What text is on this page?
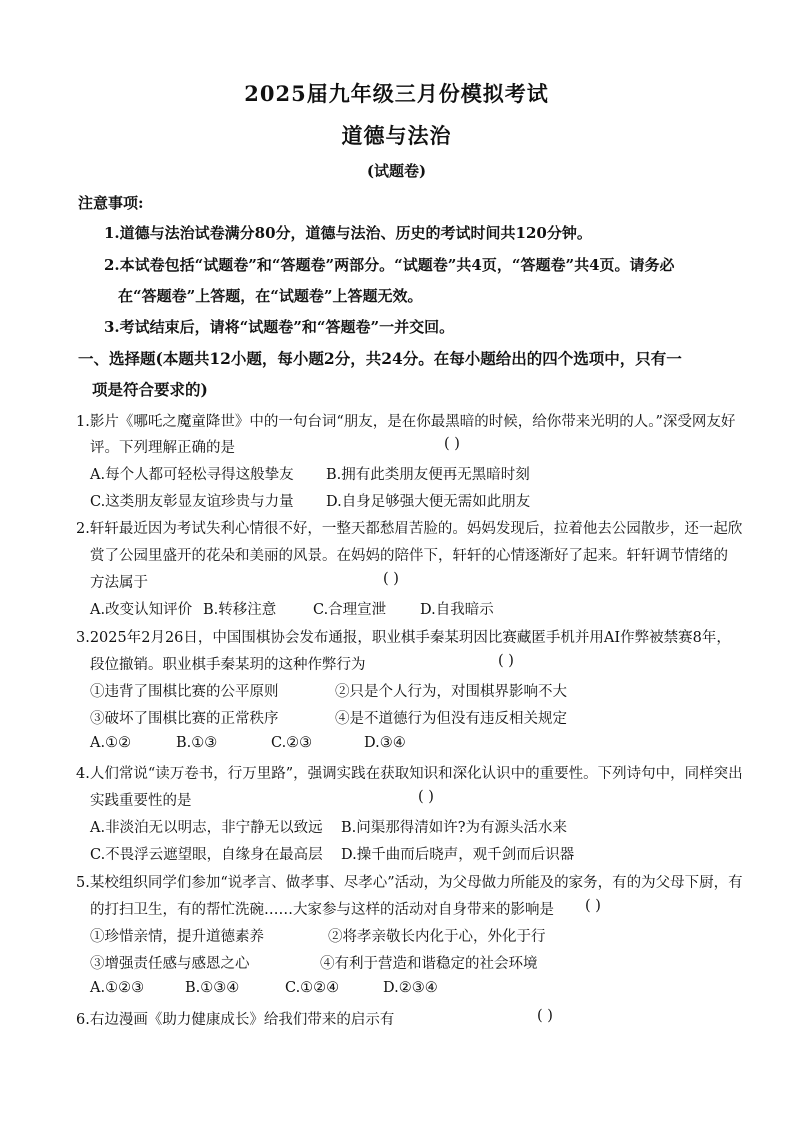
2025届九年级三月份模拟考试
道德与法治
(试题卷)
注意事项:
1.道德与法治试卷满分80分，道德与法治、历史的考试时间共120分钟。
2.本试卷包括“试题卷”和“答题卷”两部分。“试题卷”共4页，“答题卷”共4页。请务必
在“答题卷”上答题，在“试题卷”上答题无效。
3.考试结束后，请将“试题卷”和“答题卷”一并交回。
一、选择题(本题共12小题，每小题2分，共24分。在每小题给出的四个选项中，只有一
项是符合要求的)
1.影片《哪吒之魔童降世》中的一句台词“朋友，是在你最黑暗的时候，给你带来光明的人。”深受网友好
评。下列理解正确的是	( )
A.每个人都可轻松寻得这般挚友 B.拥有此类朋友便再无黑暗时刻
C.这类朋友彰显友谊珍贵与力量 D.自身足够强大便无需如此朋友
2.轩轩最近因为考试失利心情很不好，一整天都愁眉苦脸的。妈妈发现后，拉着他去公园散步，还一起欣
赏了公园里盛开的花朵和美丽的风景。在妈妈的陪伴下，轩轩的心情逐渐好了起来。轩轩调节情绪的
方法属于	( )
A.改变认知评价 B.转移注意	C.合理宣泄 D.自我暗示
3.2025年2月26日，中国围棋协会发布通报，职业棋手秦某玥因比赛藏匿手机并用AI作弊被禁赛8年，
段位撤销。职业棋手秦某玥的这种作弊行为	( )
①违背了围棋比赛的公平原则	②只是个人行为，对围棋界影响不大
③破坏了围棋比赛的正常秩序	④是不道德行为但没有违反相关规定
A.①②	B.①③	C.②③	D.③④
4.人们常说“读万卷书，行万里路”，强调实践在获取知识和深化认识中的重要性。下列诗句中，同样突出
实践重要性的是	( )
A.非淡泊无以明志，非宁静无以致远 B.问渠那得清如许?为有源头活水来
C.不畏浮云遮望眼，自缘身在最高层 D.操千曲而后晓声，观千剑而后识器
5.某校组织同学们参加“说孝言、做孝事、尽孝心”活动，为父母做力所能及的家务，有的为父母下厨，有
的打扫卫生，有的帮忙洗碗……大家参与这样的活动对自身带来的影响是 ( )
①珍惜亲情，提升道德素养	②将孝亲敬长内化于心，外化于行
③增强责任感与感恩之心	④有利于营造和谐稳定的社会环境
A.①②③	B.①③④	C.①②④	D.②③④
6.右边漫画《助力健康成长》给我们带来的启示有	( )
